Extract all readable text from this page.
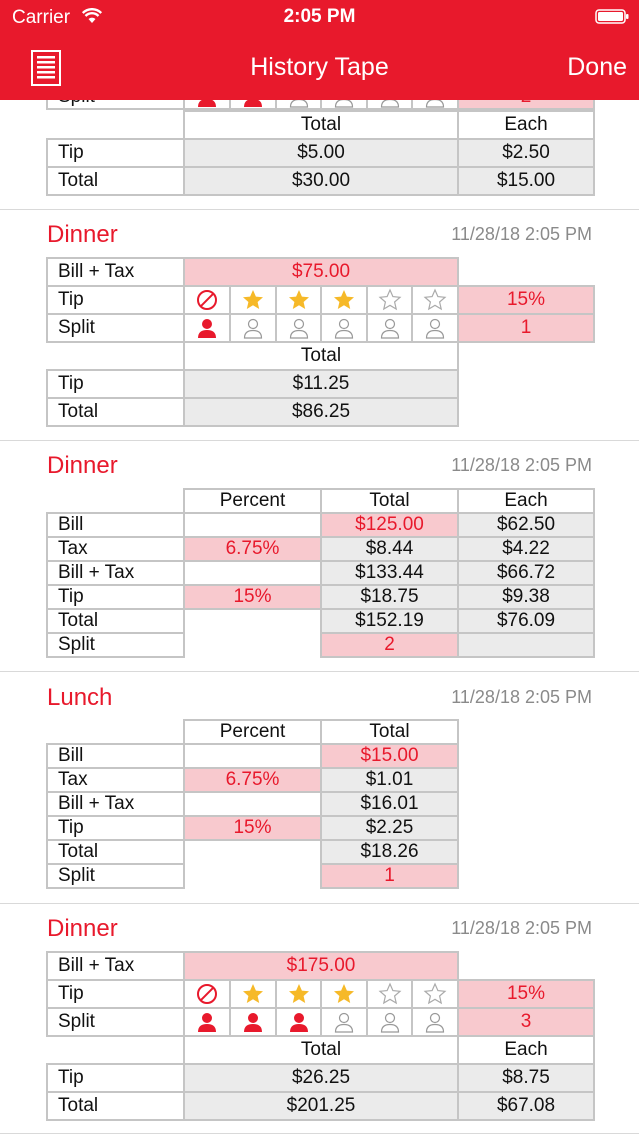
Carrier	2:05 PM
History Tape	Done

	Total	Each
Tip	$5.00	$2.50
Total	$30.00	$15.00
Dinner	11/28/18 2:05 PM
Bill + Tax	$75.00						
Tip							15%
Split							1
	Total						
Tip	$11.25						
Total	$86.25						
Dinner	11/28/18 2:05 PM
	Percent	Total	Each
Bill		$125.00	$62.50
Tax	6.75%	$8.44	$4.22
Bill + Tax		$133.44	$66.72
Tip	15%	$18.75	$9.38
Total		$152.19	$76.09
Split		2	
Lunch	11/28/18 2:05 PM
	Percent	Total
Bill		$15.00
Tax	6.75%	$1.01
Bill + Tax		$16.01
Tip	15%	$2.25
Total		$18.26
Split		1
Dinner	11/28/18 2:05 PM
Bill + Tax	$175.00						
Tip							15%
Split							3
	Total						Each
Tip	$26.25						$8.75
Total	$201.25						$67.08
